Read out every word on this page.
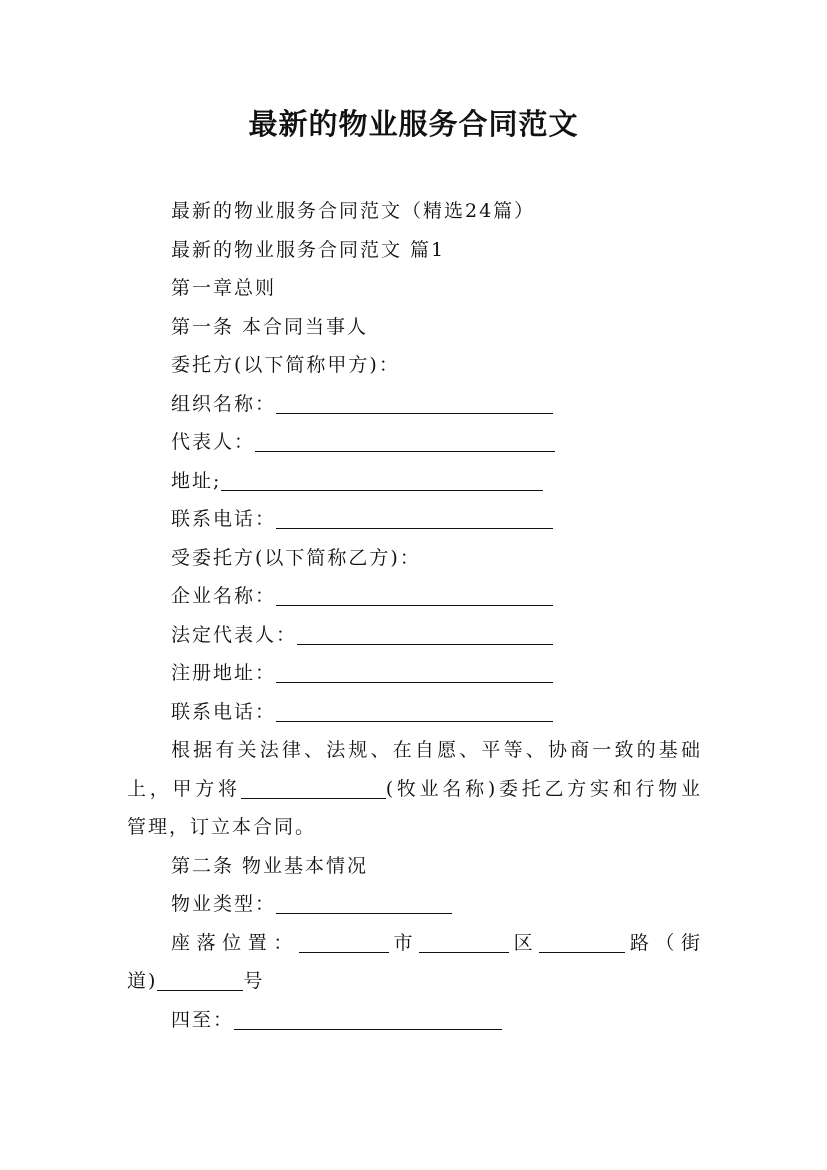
最新的物业服务合同范文
最新的物业服务合同范文（精选24篇）
最新的物业服务合同范文 篇1
第一章总则
第一条 本合同当事人
委托方(以下简称甲方)：
组织名称：
代表人：
地址;
联系电话：
受委托方(以下简称乙方)：
企业名称：
法定代表人：
注册地址：
联系电话：
根据有关法律、法规、在自愿、平等、协商一致的基础
上，甲方将	(牧业名称)委托乙方实和行物业
管理，订立本合同。
第二条 物业基本情况
物业类型：
座落位置：	市	区	路（街
道)	号
四至：
